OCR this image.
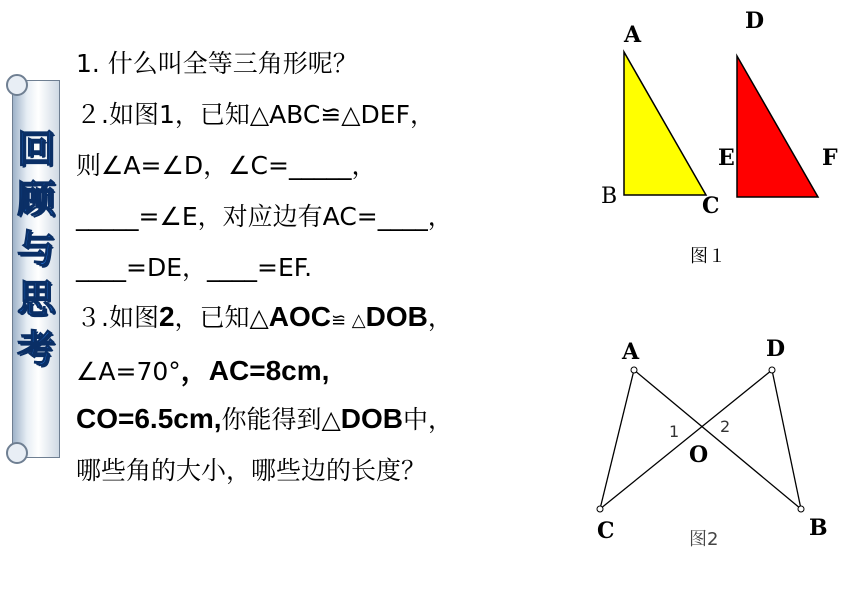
回
顾
与
思
考
1. 什么叫全等三角形呢？
２.如图1，已知△ABC≌△DEF，
则∠A=∠D，∠C=_____，
_____=∠E，对应边有AC=____，
____=DE，____=EF.
３.如图2，已知△AOC≌ △DOB，
∠A=70°，AC=8cm,
CO=6.5cm,你能得到△DOB中，
哪些角的大小，哪些边的长度？
A
B	C
D
E	F
图１
A	D
O
C	B
1	2
图2
